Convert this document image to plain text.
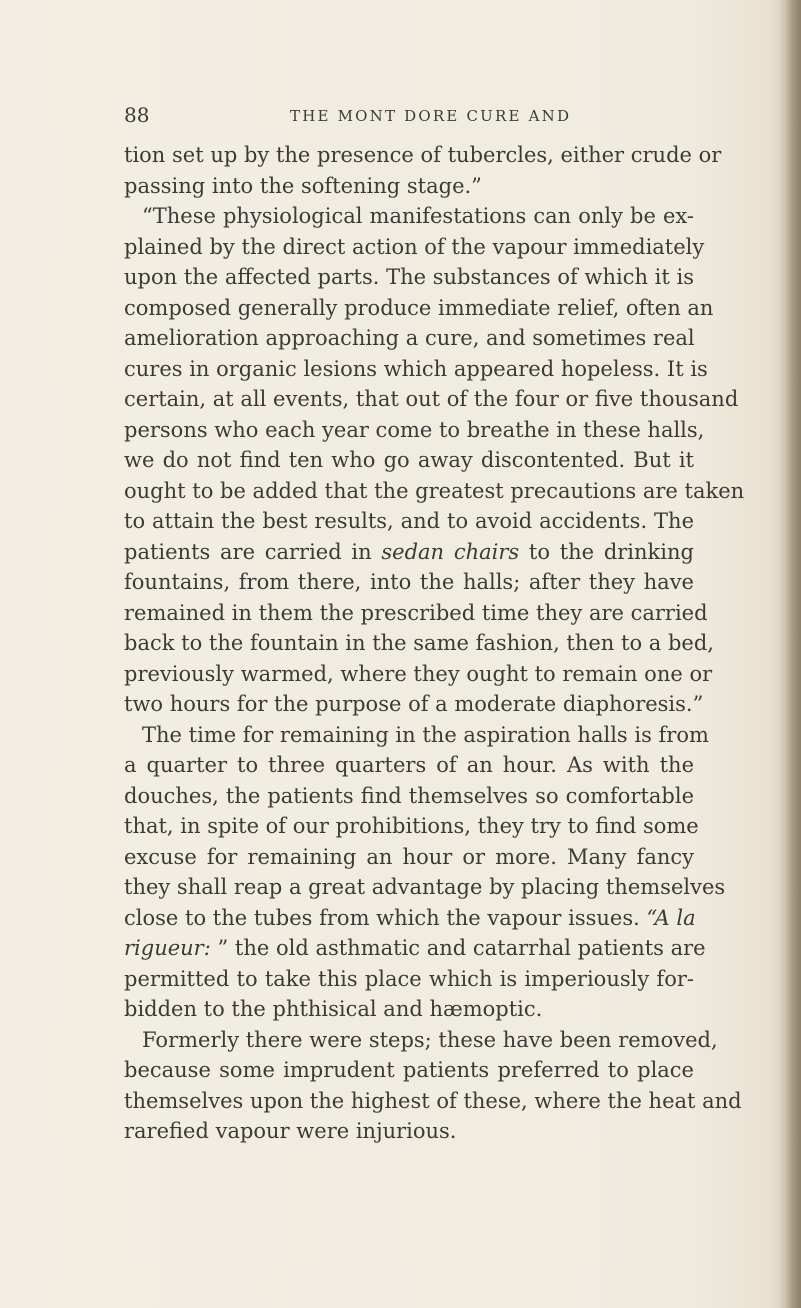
88	THE MONT DORE CURE AND
tion set up by the presence of tubercles, either crude or
passing into the softening stage.”
“These physiological manifestations can only be ex-
plained by the direct action of the vapour immediately
upon the affected parts. The substances of which it is
composed generally produce immediate relief, often an
amelioration approaching a cure, and sometimes real
cures in organic lesions which appeared hopeless. It is
certain, at all events, that out of the four or five thousand
persons who each year come to breathe in these halls,
we do not find ten who go away discontented. But it
ought to be added that the greatest precautions are taken
to attain the best results, and to avoid accidents. The
patients are carried in sedan chairs to the drinking
fountains, from there, into the halls; after they have
remained in them the prescribed time they are carried
back to the fountain in the same fashion, then to a bed,
previously warmed, where they ought to remain one or
two hours for the purpose of a moderate diaphoresis.”
The time for remaining in the aspiration halls is from
a quarter to three quarters of an hour. As with the
douches, the patients find themselves so comfortable
that, in spite of our prohibitions, they try to find some
excuse for remaining an hour or more. Many fancy
they shall reap a great advantage by placing themselves
close to the tubes from which the vapour issues. “A la
rigueur: ” the old asthmatic and catarrhal patients are
permitted to take this place which is imperiously for-
bidden to the phthisical and hæmoptic.
Formerly there were steps; these have been removed,
because some imprudent patients preferred to place
themselves upon the highest of these, where the heat and
rarefied vapour were injurious.
